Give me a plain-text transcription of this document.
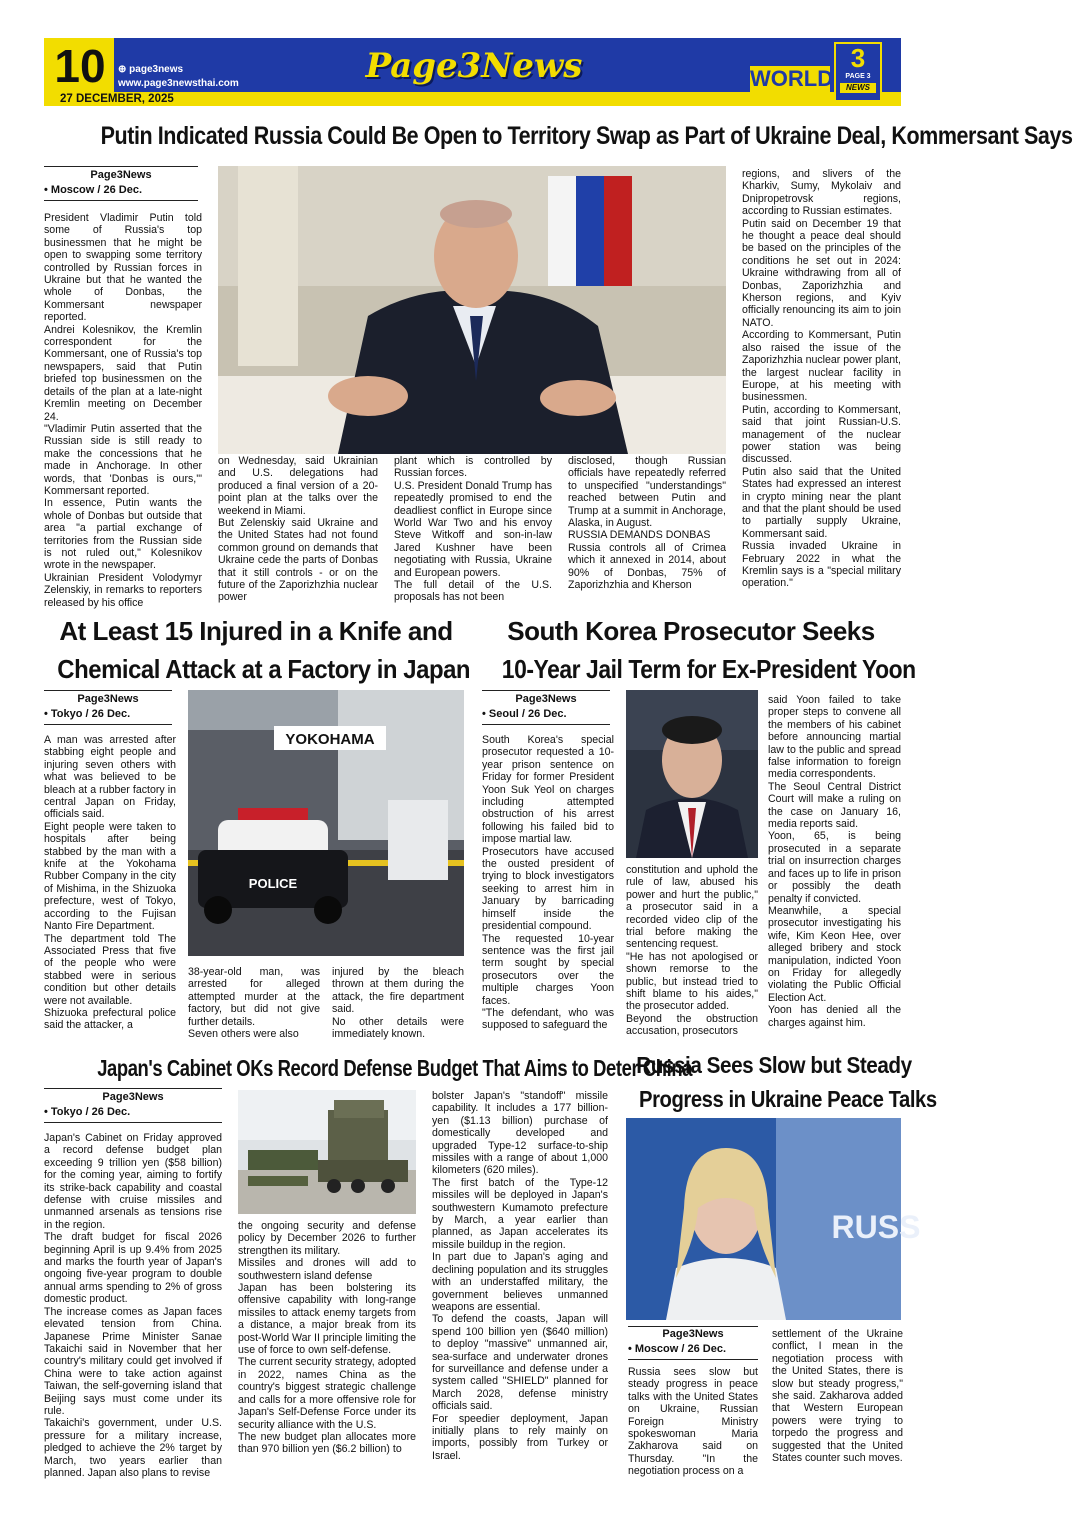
10	⊕ page3news
www.page3newsthai.com
27 DECEMBER, 2025
Page3News	WORLD
3
PAGE 3
NEWS
Putin Indicated Russia Could Be Open to Territory Swap as Part of Ukraine Deal, Kommersant Says
Page3News
• Moscow / 26 Dec.

President Vladimir Putin told some of Russia's top businessmen that he might be open to swapping some territory controlled by Russian forces in Ukraine but that he wanted the whole of Donbas, the Kommersant newspaper reported.

Andrei Kolesnikov, the Kremlin correspondent for the Kommersant, one of Russia's top newspapers, said that Putin briefed top businessmen on the details of the plan at a late-night Kremlin meeting on December 24.

"Vladimir Putin asserted that the Russian side is still ready to make the concessions that he made in Anchorage. In other words, that 'Donbas is ours,'" Kommersant reported.

In essence, Putin wants the whole of Donbas but outside that area "a partial exchange of territories from the Russian side is not ruled out," Kolesnikov wrote in the newspaper.

Ukrainian President Volodymyr Zelenskiy, in remarks to reporters released by his office

on Wednesday, said Ukrainian and U.S. delegations had produced a final version of a 20-point plan at the talks over the weekend in Miami.

But Zelenskiy said Ukraine and the United States had not found common ground on demands that Ukraine cede the parts of Donbas that it still controls - or on the future of the Zaporizhzhia nuclear power

plant which is controlled by Russian forces.

U.S. President Donald Trump has repeatedly promised to end the deadliest conflict in Europe since World War Two and his envoy Steve Witkoff and son-in-law Jared Kushner have been negotiating with Russia, Ukraine and European powers.

The full detail of the U.S. proposals has not been

disclosed, though Russian officials have repeatedly referred to unspecified "understandings" reached between Putin and Trump at a summit in Anchorage, Alaska, in August.

RUSSIA DEMANDS DONBAS

Russia controls all of Crimea which it annexed in 2014, about 90% of Donbas, 75% of Zaporizhzhia and Kherson

regions, and slivers of the Kharkiv, Sumy, Mykolaiv and Dnipropetrovsk regions, according to Russian estimates.

Putin said on December 19 that he thought a peace deal should be based on the principles of the conditions he set out in 2024: Ukraine withdrawing from all of Donbas, Zaporizhzhia and Kherson regions, and Kyiv officially renouncing its aim to join NATO.

According to Kommersant, Putin also raised the issue of the Zaporizhzhia nuclear power plant, the largest nuclear facility in Europe, at his meeting with businessmen.

Putin, according to Kommersant, said that joint Russian-U.S. management of the nuclear power station was being discussed.

Putin also said that the United States had expressed an interest in crypto mining near the plant and that the plant should be used to partially supply Ukraine, Kommersant said.

Russia invaded Ukraine in February 2022 in what the Kremlin says is a "special military operation."

At Least 15 Injured in a Knife and
Chemical Attack at a Factory in Japan
Page3News
• Tokyo / 26 Dec.

A man was arrested after stabbing eight people and injuring seven others with what was believed to be bleach at a rubber factory in central Japan on Friday, officials said.

Eight people were taken to hospitals after being stabbed by the man with a knife at the Yokohama Rubber Company in the city of Mishima, in the Shizuoka prefecture, west of Tokyo, according to the Fujisan Nanto Fire Department.

The department told The Associated Press that five of the people who were stabbed were in serious condition but other details were not available.

Shizuoka prefectural police said the attacker, a

YOKOHAMA
POLICE

38-year-old man, was arrested for alleged attempted murder at the factory, but did not give further details.

Seven others were also

injured by the bleach thrown at them during the attack, the fire department said.

No other details were immediately known.

South Korea Prosecutor Seeks
10-Year Jail Term for Ex-President Yoon
Page3News
• Seoul / 26 Dec.

South Korea's special prosecutor requested a 10-year prison sentence on Friday for former President Yoon Suk Yeol on charges including attempted obstruction of his arrest following his failed bid to impose martial law.

Prosecutors have accused the ousted president of trying to block investigators seeking to arrest him in January by barricading himself inside the presidential compound.

The requested 10-year sentence was the first jail term sought by special prosecutors over the multiple charges Yoon faces.

"The defendant, who was supposed to safeguard the

constitution and uphold the rule of law, abused his power and hurt the public," a prosecutor said in a recorded video clip of the trial before making the sentencing request.

"He has not apologised or shown remorse to the public, but instead tried to shift blame to his aides," the prosecutor added.

Beyond the obstruction accusation, prosecutors

said Yoon failed to take proper steps to convene all the members of his cabinet before announcing martial law to the public and spread false information to foreign media correspondents.

The Seoul Central District Court will make a ruling on the case on January 16, media reports said.

Yoon, 65, is being prosecuted in a separate trial on insurrection charges and faces up to life in prison or possibly the death penalty if convicted.

Meanwhile, a special prosecutor investigating his wife, Kim Keon Hee, over alleged bribery and stock manipulation, indicted Yoon on Friday for allegedly violating the Public Official Election Act.

Yoon has denied all the charges against him.

Japan's Cabinet OKs Record Defense Budget That Aims to Deter China
Page3News
• Tokyo / 26 Dec.

Japan's Cabinet on Friday approved a record defense budget plan exceeding 9 trillion yen ($58 billion) for the coming year, aiming to fortify its strike-back capability and coastal defense with cruise missiles and unmanned arsenals as tensions rise in the region.

The draft budget for fiscal 2026 beginning April is up 9.4% from 2025 and marks the fourth year of Japan's ongoing five-year program to double annual arms spending to 2% of gross domestic product.

The increase comes as Japan faces elevated tension from China. Japanese Prime Minister Sanae Takaichi said in November that her country's military could get involved if China were to take action against Taiwan, the self-governing island that Beijing says must come under its rule.

Takaichi's government, under U.S. pressure for a military increase, pledged to achieve the 2% target by March, two years earlier than planned. Japan also plans to revise

the ongoing security and defense policy by December 2026 to further strengthen its military.

Missiles and drones will add to southwestern island defense

Japan has been bolstering its offensive capability with long-range missiles to attack enemy targets from a distance, a major break from its post-World War II principle limiting the use of force to own self-defense.

The current security strategy, adopted in 2022, names China as the country's biggest strategic challenge and calls for a more offensive role for Japan's Self-Defense Force under its security alliance with the U.S.

The new budget plan allocates more than 970 billion yen ($6.2 billion) to

bolster Japan's "standoff" missile capability. It includes a 177 billion-yen ($1.13 billion) purchase of domestically developed and upgraded Type-12 surface-to-ship missiles with a range of about 1,000 kilometers (620 miles).

The first batch of the Type-12 missiles will be deployed in Japan's southwestern Kumamoto prefecture by March, a year earlier than planned, as Japan accelerates its missile buildup in the region.

In part due to Japan's aging and declining population and its struggles with an understaffed military, the government believes unmanned weapons are essential.

To defend the coasts, Japan will spend 100 billion yen ($640 million) to deploy "massive" unmanned air, sea-surface and underwater drones for surveillance and defense under a system called "SHIELD" planned for March 2028, defense ministry officials said.

For speedier deployment, Japan initially plans to rely mainly on imports, possibly from Turkey or Israel.

Russia Sees Slow but Steady
Progress in Ukraine Peace Talks
RUSS
Page3News
• Moscow / 26 Dec.

Russia sees slow but steady progress in peace talks with the United States on Ukraine, Russian Foreign Ministry spokeswoman Maria Zakharova said on Thursday. "In the negotiation process on a

settlement of the Ukraine conflict, I mean in the negotiation process with the United States, there is slow but steady progress," she said. Zakharova added that Western European powers were trying to torpedo the progress and suggested that the United States counter such moves.
